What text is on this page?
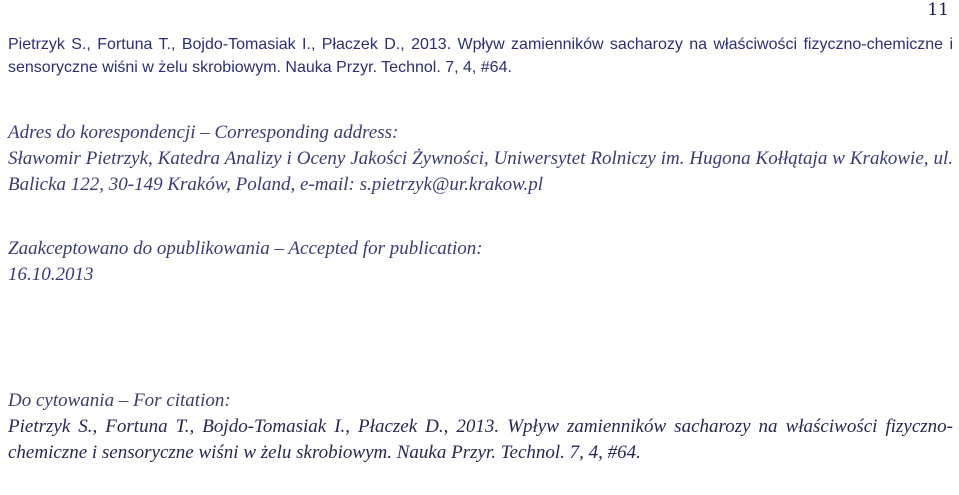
11

Pietrzyk S., Fortuna T., Bojdo-Tomasiak I., Płaczek D., 2013. Wpływ zamienników sacharozy na właściwości fizyczno-chemiczne i sensoryczne wiśni w żelu skrobiowym. Nauka Przyr. Technol. 7, 4, #64.

Adres do korespondencji – Corresponding address:

Sławomir Pietrzyk, Katedra Analizy i Oceny Jakości Żywności, Uniwersytet Rolniczy im. Hugona Kołłątaja w Krakowie, ul. Balicka 122, 30-149 Kraków, Poland, e-mail: s.pietrzyk@ur.krakow.pl

Zaakceptowano do opublikowania – Accepted for publication:

16.10.2013

Do cytowania – For citation:

Pietrzyk S., Fortuna T., Bojdo-Tomasiak I., Płaczek D., 2013. Wpływ zamienników sacharozy na właściwości fizyczno-chemiczne i sensoryczne wiśni w żelu skrobiowym. Nauka Przyr. Technol. 7, 4, #64.
